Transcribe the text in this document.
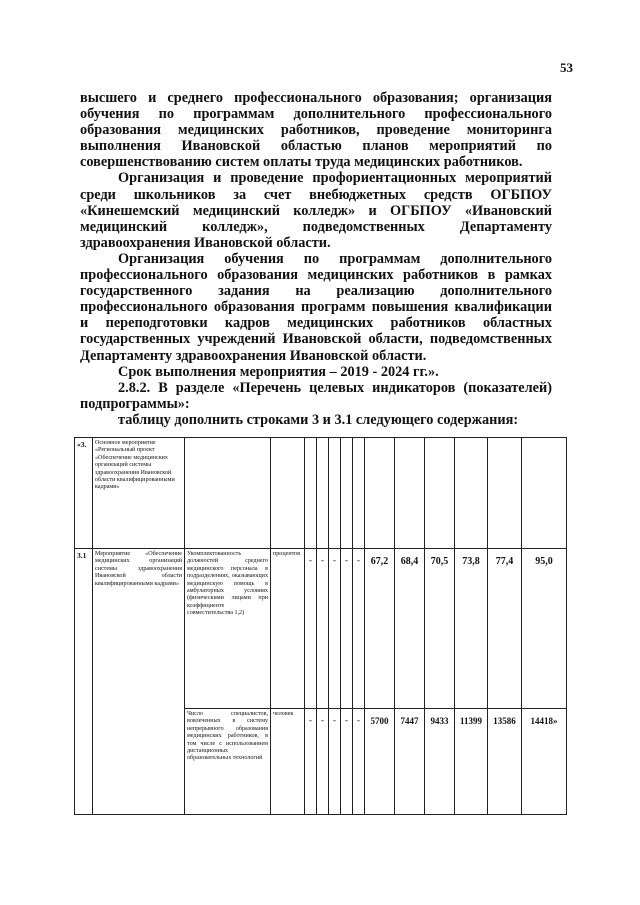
53

высшего и среднего профессионального образования; организация обучения по программам дополнительного профессионального образования медицинских работников, проведение мониторинга выполнения Ивановской областью планов мероприятий по совершенствованию систем оплаты труда медицинских работников.

Организация и проведение профориентационных мероприятий среди школьников за счет внебюджетных средств ОГБПОУ «Кинешемский медицинский колледж» и ОГБПОУ «Ивановский медицинский колледж», подведомственных Департаменту здравоохранения Ивановской области.

Организация обучения по программам дополнительного профессионального образования медицинских работников в рамках государственного задания на реализацию дополнительного профессионального образования программ повышения квалификации и переподготовки кадров медицинских работников областных государственных учреждений Ивановской области, подведомственных Департаменту здравоохранения Ивановской области.

Срок выполнения мероприятия – 2019 - 2024 гг.».

2.8.2. В разделе «Перечень целевых индикаторов (показателей) подпрограммы»:

таблицу дополнить строками 3 и 3.1 следующего содержания:

«3.	Основное мероприятие «Региональный проект «Обеспечение медицинских организаций системы здравоохранения Ивановской области квалифицированными кадрами»													
3.1	Мероприятие «Обеспечение медицинских организаций системы здравоохранения Ивановской области квалифицированными кадрами»	Укомплектованность должностей среднего медицинского персонала в подразделениях, оказывающих медицинскую помощь в амбулаторных условиях (физическими лицами при коэффициенте совместительства 1,2)	процентов	-	-	-	-	-	67,2	68,4	70,5	73,8	77,4	95,0
		Число специалистов, вовлеченных в систему непрерывного образования медицинских работников, в том числе с использованием дистанционных образовательных технологий	человек	-	-	-	-	-	5700	7447	9433	11399	13586	14418»
